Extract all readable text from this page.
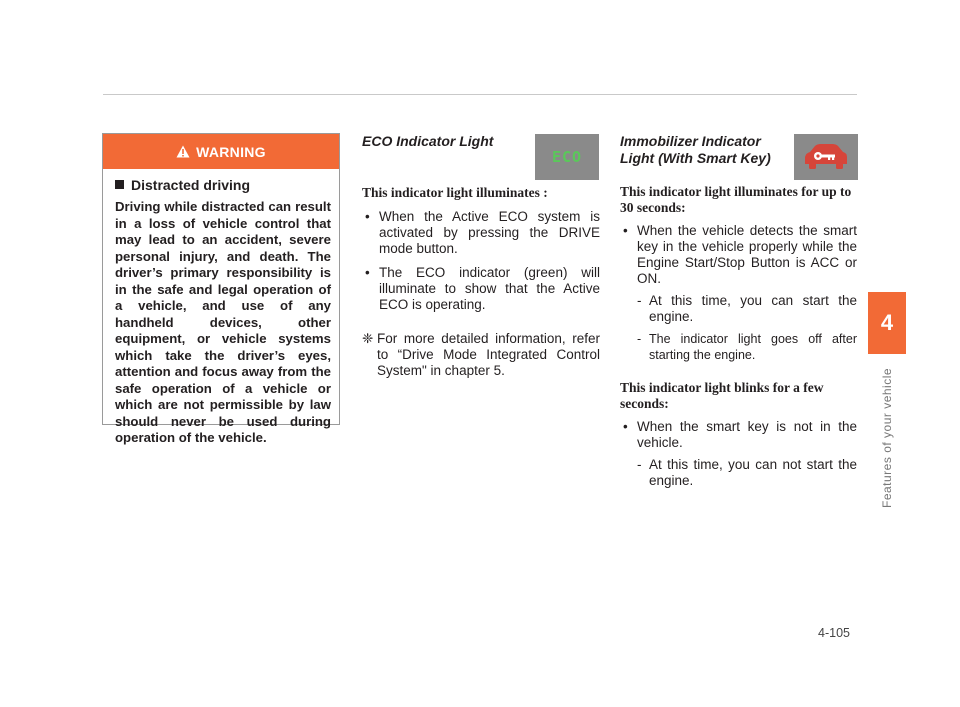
4
Features of your vehicle
WARNING
Distracted driving
Driving while distracted can result in a loss of vehicle control that may lead to an accident, severe personal injury, and death. The driver’s primary responsibility is in the safe and legal operation of a vehicle, and use of any handheld devices, other equipment, or vehicle systems which take the driver’s eyes, attention and focus away from the safe operation of a vehicle or which are not permissible by law should never be used during operation of the vehicle.
ECO
ECO Indicator Light
This indicator light illuminates :
• When the Active ECO system is activated by pressing the DRIVE mode button.
• The ECO indicator (green) will illuminate to show that the Active ECO is operating.
❈ For more detailed information, refer to “Drive Mode Integrated Control System" in chapter 5.
Immobilizer Indicator
Light (With Smart Key)
This indicator light illuminates for up to 30 seconds:
• When the vehicle detects the smart key in the vehicle properly while the Engine Start/Stop Button is ACC or ON.
- At this time, you can start the engine.
- The indicator light goes off after starting the engine.
This indicator light blinks for a few seconds:
• When the smart key is not in the vehicle.
- At this time, you can not start the engine.
4-105
